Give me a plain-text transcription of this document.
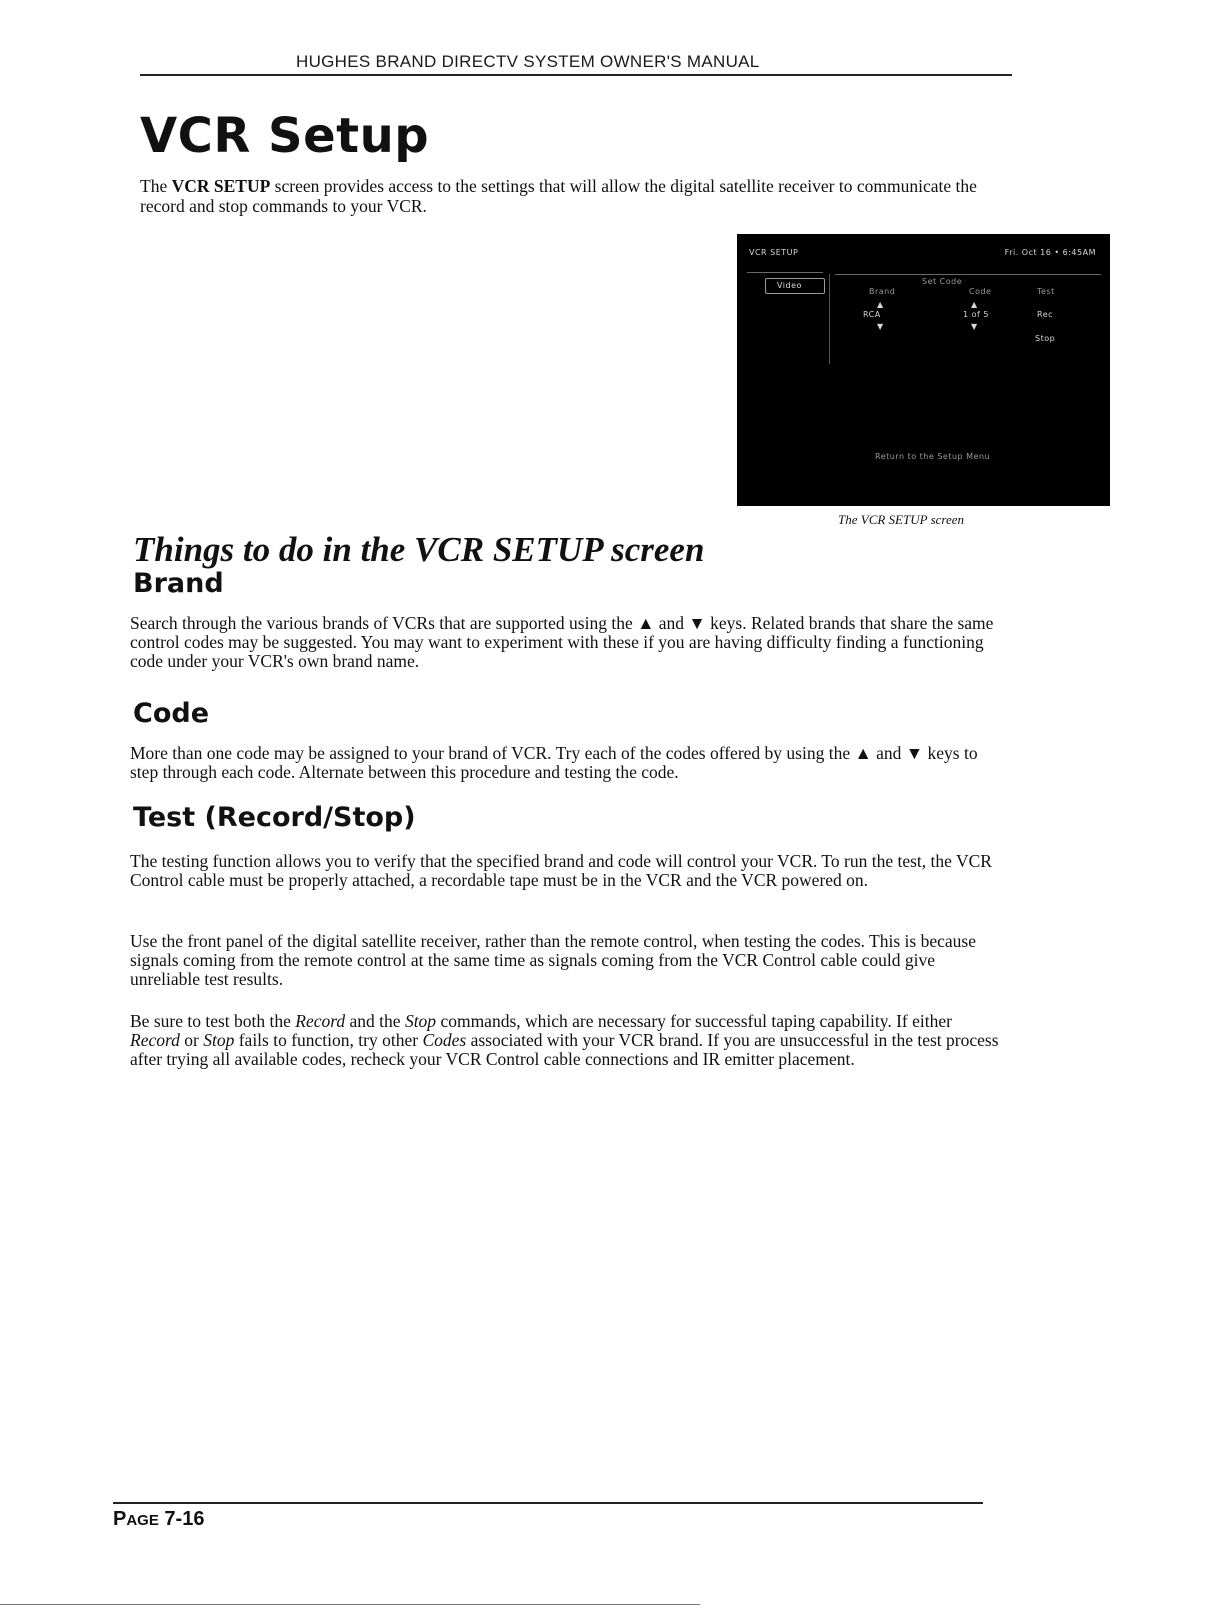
HUGHES BRAND DIRECTV SYSTEM OWNER'S MANUAL
VCR Setup

The VCR SETUP screen provides access to the settings that will allow the digital satellite receiver to communicate the record and stop commands to your VCR.

VCR SETUP	Fri. Oct 16 • 6:45AM
Video	Set Code
Brand	Code	Test
▲	▲
RCA	1 of 5	Rec
▼	▼
Stop
Return to the Setup Menu
The VCR SETUP screen
Things to do in the VCR SETUP screen
Brand

Search through the various brands of VCRs that are supported using the ▲ and ▼ keys. Related brands that share the same control codes may be suggested. You may want to experiment with these if you are having difficulty finding a functioning code under your VCR's own brand name.

Code

More than one code may be assigned to your brand of VCR. Try each of the codes offered by using the ▲ and ▼ keys to step through each code. Alternate between this procedure and testing the code.

Test (Record/Stop)

The testing function allows you to verify that the specified brand and code will control your VCR. To run the test, the VCR Control cable must be properly attached, a recordable tape must be in the VCR and the VCR powered on.

Use the front panel of the digital satellite receiver, rather than the remote control, when testing the codes. This is because signals coming from the remote control at the same time as signals coming from the VCR Control cable could give unreliable test results.

Be sure to test both the Record and the Stop commands, which are necessary for successful taping capability. If either Record or Stop fails to function, try other Codes associated with your VCR brand. If you are unsuccessful in the test process after trying all available codes, recheck your VCR Control cable connections and IR emitter placement.

PAGE 7-16
